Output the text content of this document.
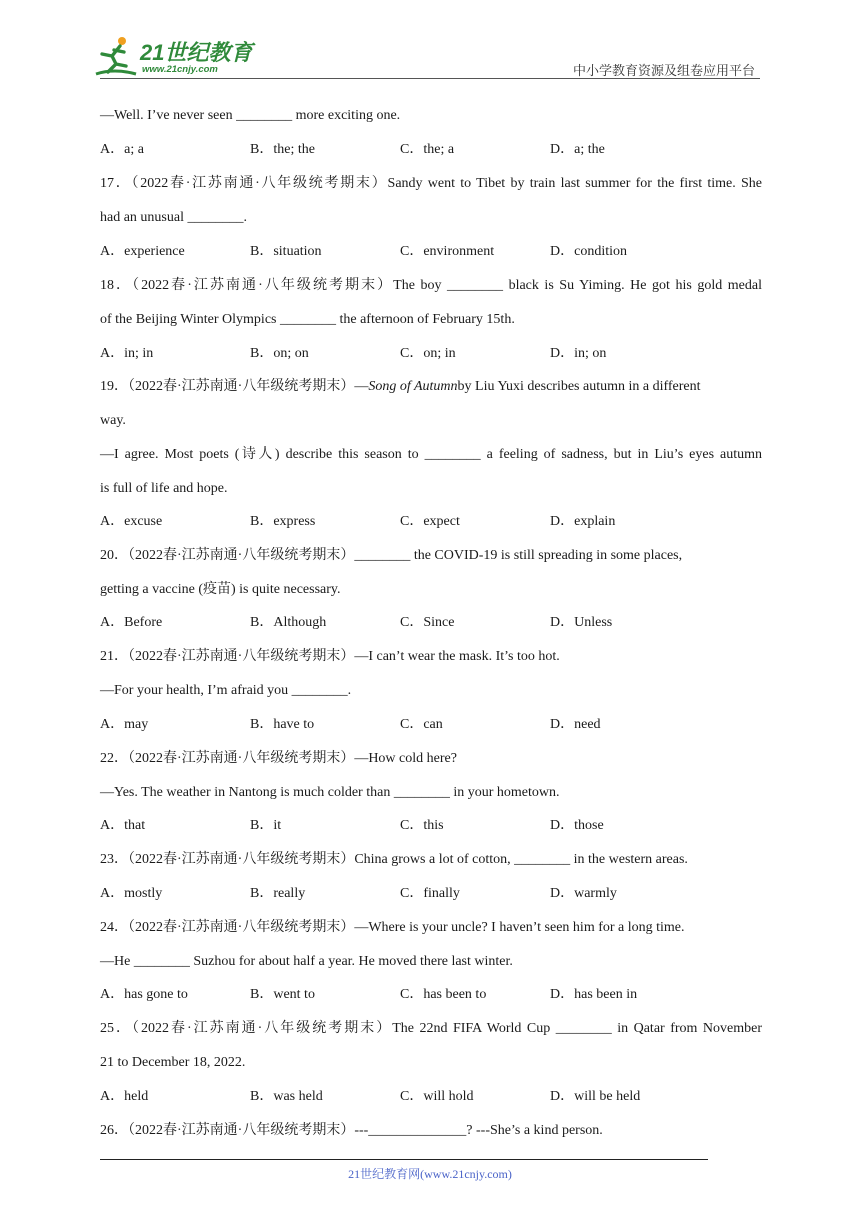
21世纪教育
www.21cnjy.com	中小学教育资源及组卷应用平台
—Well. I’ve never seen ________ more exciting one.
A．a; a	B．the; the	C．the; a	D．a; the
17．（2022春·江苏南通·八年级统考期末）Sandy went to Tibet by train last summer for the first time. She
had an unusual ________.
A．experience	B．situation	C．environment	D．condition
18．（2022春·江苏南通·八年级统考期末）The boy ________ black is Su Yiming. He got his gold medal
of the Beijing Winter Olympics ________ the afternoon of February 15th.
A．in; in	B．on; on	C．on; in	D．in; on
19．（2022春·江苏南通·八年级统考期末）—Song of Autumnby Liu Yuxi describes autumn in a different
way.
—I agree. Most poets (诗人) describe this season to ________ a feeling of sadness, but in Liu’s eyes autumn
is full of life and hope.
A．excuse	B．express	C．expect	D．explain
20．（2022春·江苏南通·八年级统考期末）________ the COVID-19 is still spreading in some places,
getting a vaccine (疫苗) is quite necessary.
A．Before	B．Although	C．Since	D．Unless
21．（2022春·江苏南通·八年级统考期末）—I can’t wear the mask. It’s too hot.
—For your health, I’m afraid you ________.
A．may	B．have to	C．can	D．need
22．（2022春·江苏南通·八年级统考期末）—How cold here?
—Yes. The weather in Nantong is much colder than ________ in your hometown.
A．that	B．it	C．this	D．those
23．（2022春·江苏南通·八年级统考期末）China grows a lot of cotton, ________ in the western areas.
A．mostly	B．really	C．finally	D．warmly
24．（2022春·江苏南通·八年级统考期末）—Where is your uncle? I haven’t seen him for a long time.
—He ________ Suzhou for about half a year. He moved there last winter.
A．has gone to	B．went to	C．has been to	D．has been in
25．（2022春·江苏南通·八年级统考期末）The 22nd FIFA World Cup ________ in Qatar from November
21 to December 18, 2022.
A．held	B．was held	C．will hold	D．will be held
26．（2022春·江苏南通·八年级统考期末）---______________? ---She’s a kind person.
21世纪教育网(www.21cnjy.com)
